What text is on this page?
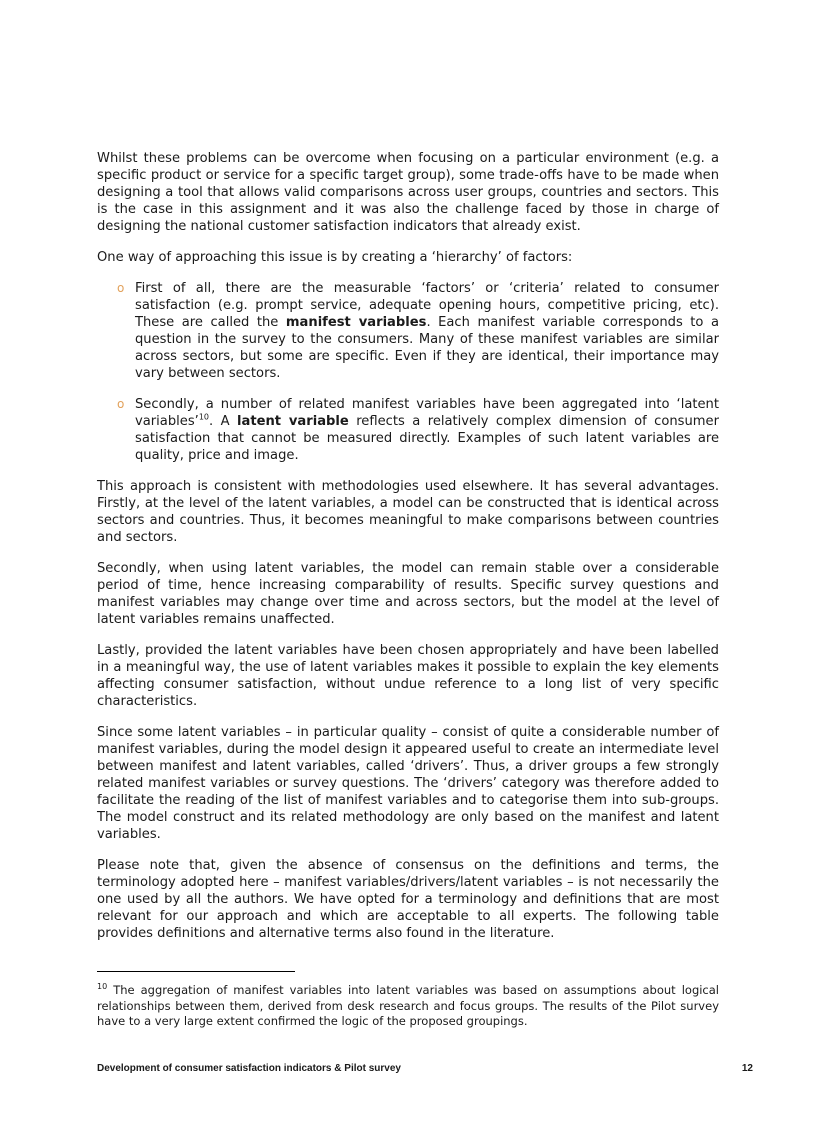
Whilst these problems can be overcome when focusing on a particular environment (e.g. a specific product or service for a specific target group), some trade-offs have to be made when designing a tool that allows valid comparisons across user groups, countries and sectors. This is the case in this assignment and it was also the challenge faced by those in charge of designing the national customer satisfaction indicators that already exist.

One way of approaching this issue is by creating a ‘hierarchy’ of factors:

o First of all, there are the measurable ‘factors’ or ‘criteria’ related to consumer satisfaction (e.g. prompt service, adequate opening hours, competitive pricing, etc). These are called the manifest variables. Each manifest variable corresponds to a question in the survey to the consumers. Many of these manifest variables are similar across sectors, but some are specific. Even if they are identical, their importance may vary between sectors.

o Secondly, a number of related manifest variables have been aggregated into ‘latent variables’$^{10}$. A latent variable reflects a relatively complex dimension of consumer satisfaction that cannot be measured directly. Examples of such latent variables are quality, price and image.

This approach is consistent with methodologies used elsewhere. It has several advantages. Firstly, at the level of the latent variables, a model can be constructed that is identical across sectors and countries. Thus, it becomes meaningful to make comparisons between countries and sectors.

Secondly, when using latent variables, the model can remain stable over a considerable period of time, hence increasing comparability of results. Specific survey questions and manifest variables may change over time and across sectors, but the model at the level of latent variables remains unaffected.

Lastly, provided the latent variables have been chosen appropriately and have been labelled in a meaningful way, the use of latent variables makes it possible to explain the key elements affecting consumer satisfaction, without undue reference to a long list of very specific characteristics.

Since some latent variables – in particular quality – consist of quite a considerable number of manifest variables, during the model design it appeared useful to create an intermediate level between manifest and latent variables, called ‘drivers’. Thus, a driver groups a few strongly related manifest variables or survey questions. The ‘drivers’ category was therefore added to facilitate the reading of the list of manifest variables and to categorise them into sub-groups. The model construct and its related methodology are only based on the manifest and latent variables.

Please note that, given the absence of consensus on the definitions and terms, the terminology adopted here – manifest variables/drivers/latent variables – is not necessarily the one used by all the authors. We have opted for a terminology and definitions that are most relevant for our approach and which are acceptable to all experts. The following table provides definitions and alternative terms also found in the literature.

$^{10}$ The aggregation of manifest variables into latent variables was based on assumptions about logical relationships between them, derived from desk research and focus groups. The results of the Pilot survey have to a very large extent confirmed the logic of the proposed groupings.

Development of consumer satisfaction indicators & Pilot survey	12
